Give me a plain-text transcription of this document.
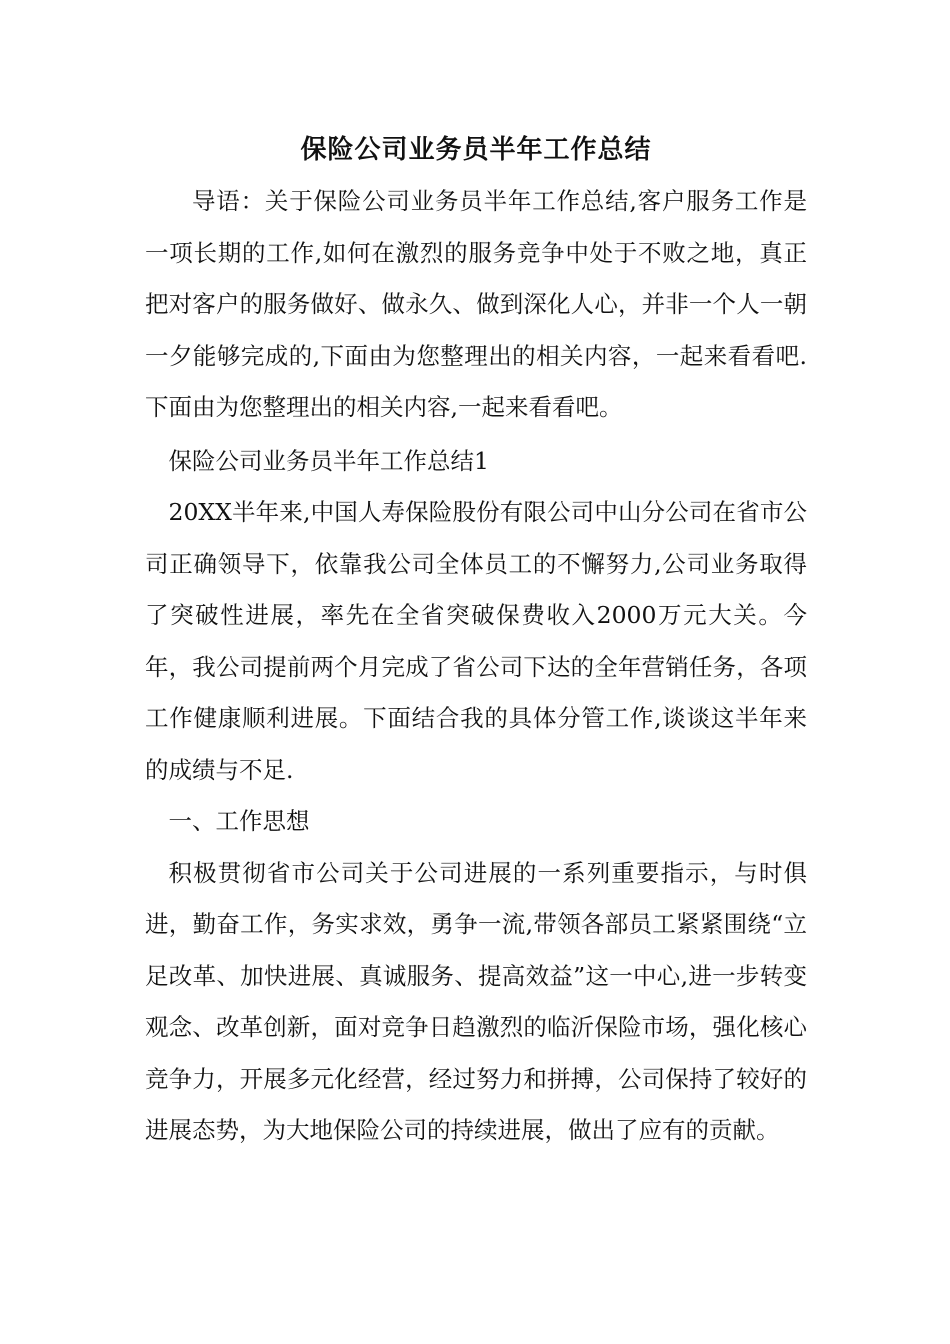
保险公司业务员半年工作总结

导语：关于保险公司业务员半年工作总结,客户服务工作是一项长期的工作,如何在激烈的服务竞争中处于不败之地，真正把对客户的服务做好、做永久、做到深化人心，并非一个人一朝一夕能够完成的,下面由为您整理出的相关内容，一起来看看吧.下面由为您整理出的相关内容,一起来看看吧。

保险公司业务员半年工作总结1

20XX半年来,中国人寿保险股份有限公司中山分公司在省市公司正确领导下，依靠我公司全体员工的不懈努力,公司业务取得了突破性进展，率先在全省突破保费收入2000万元大关。今年，我公司提前两个月完成了省公司下达的全年营销任务，各项工作健康顺利进展。下面结合我的具体分管工作,谈谈这半年来的成绩与不足.

一、工作思想

积极贯彻省市公司关于公司进展的一系列重要指示，与时俱进，勤奋工作，务实求效，勇争一流,带领各部员工紧紧围绕“立足改革、加快进展、真诚服务、提高效益”这一中心,进一步转变观念、改革创新，面对竞争日趋激烈的临沂保险市场，强化核心竞争力，开展多元化经营，经过努力和拼搏，公司保持了较好的进展态势，为大地保险公司的持续进展，做出了应有的贡献。
